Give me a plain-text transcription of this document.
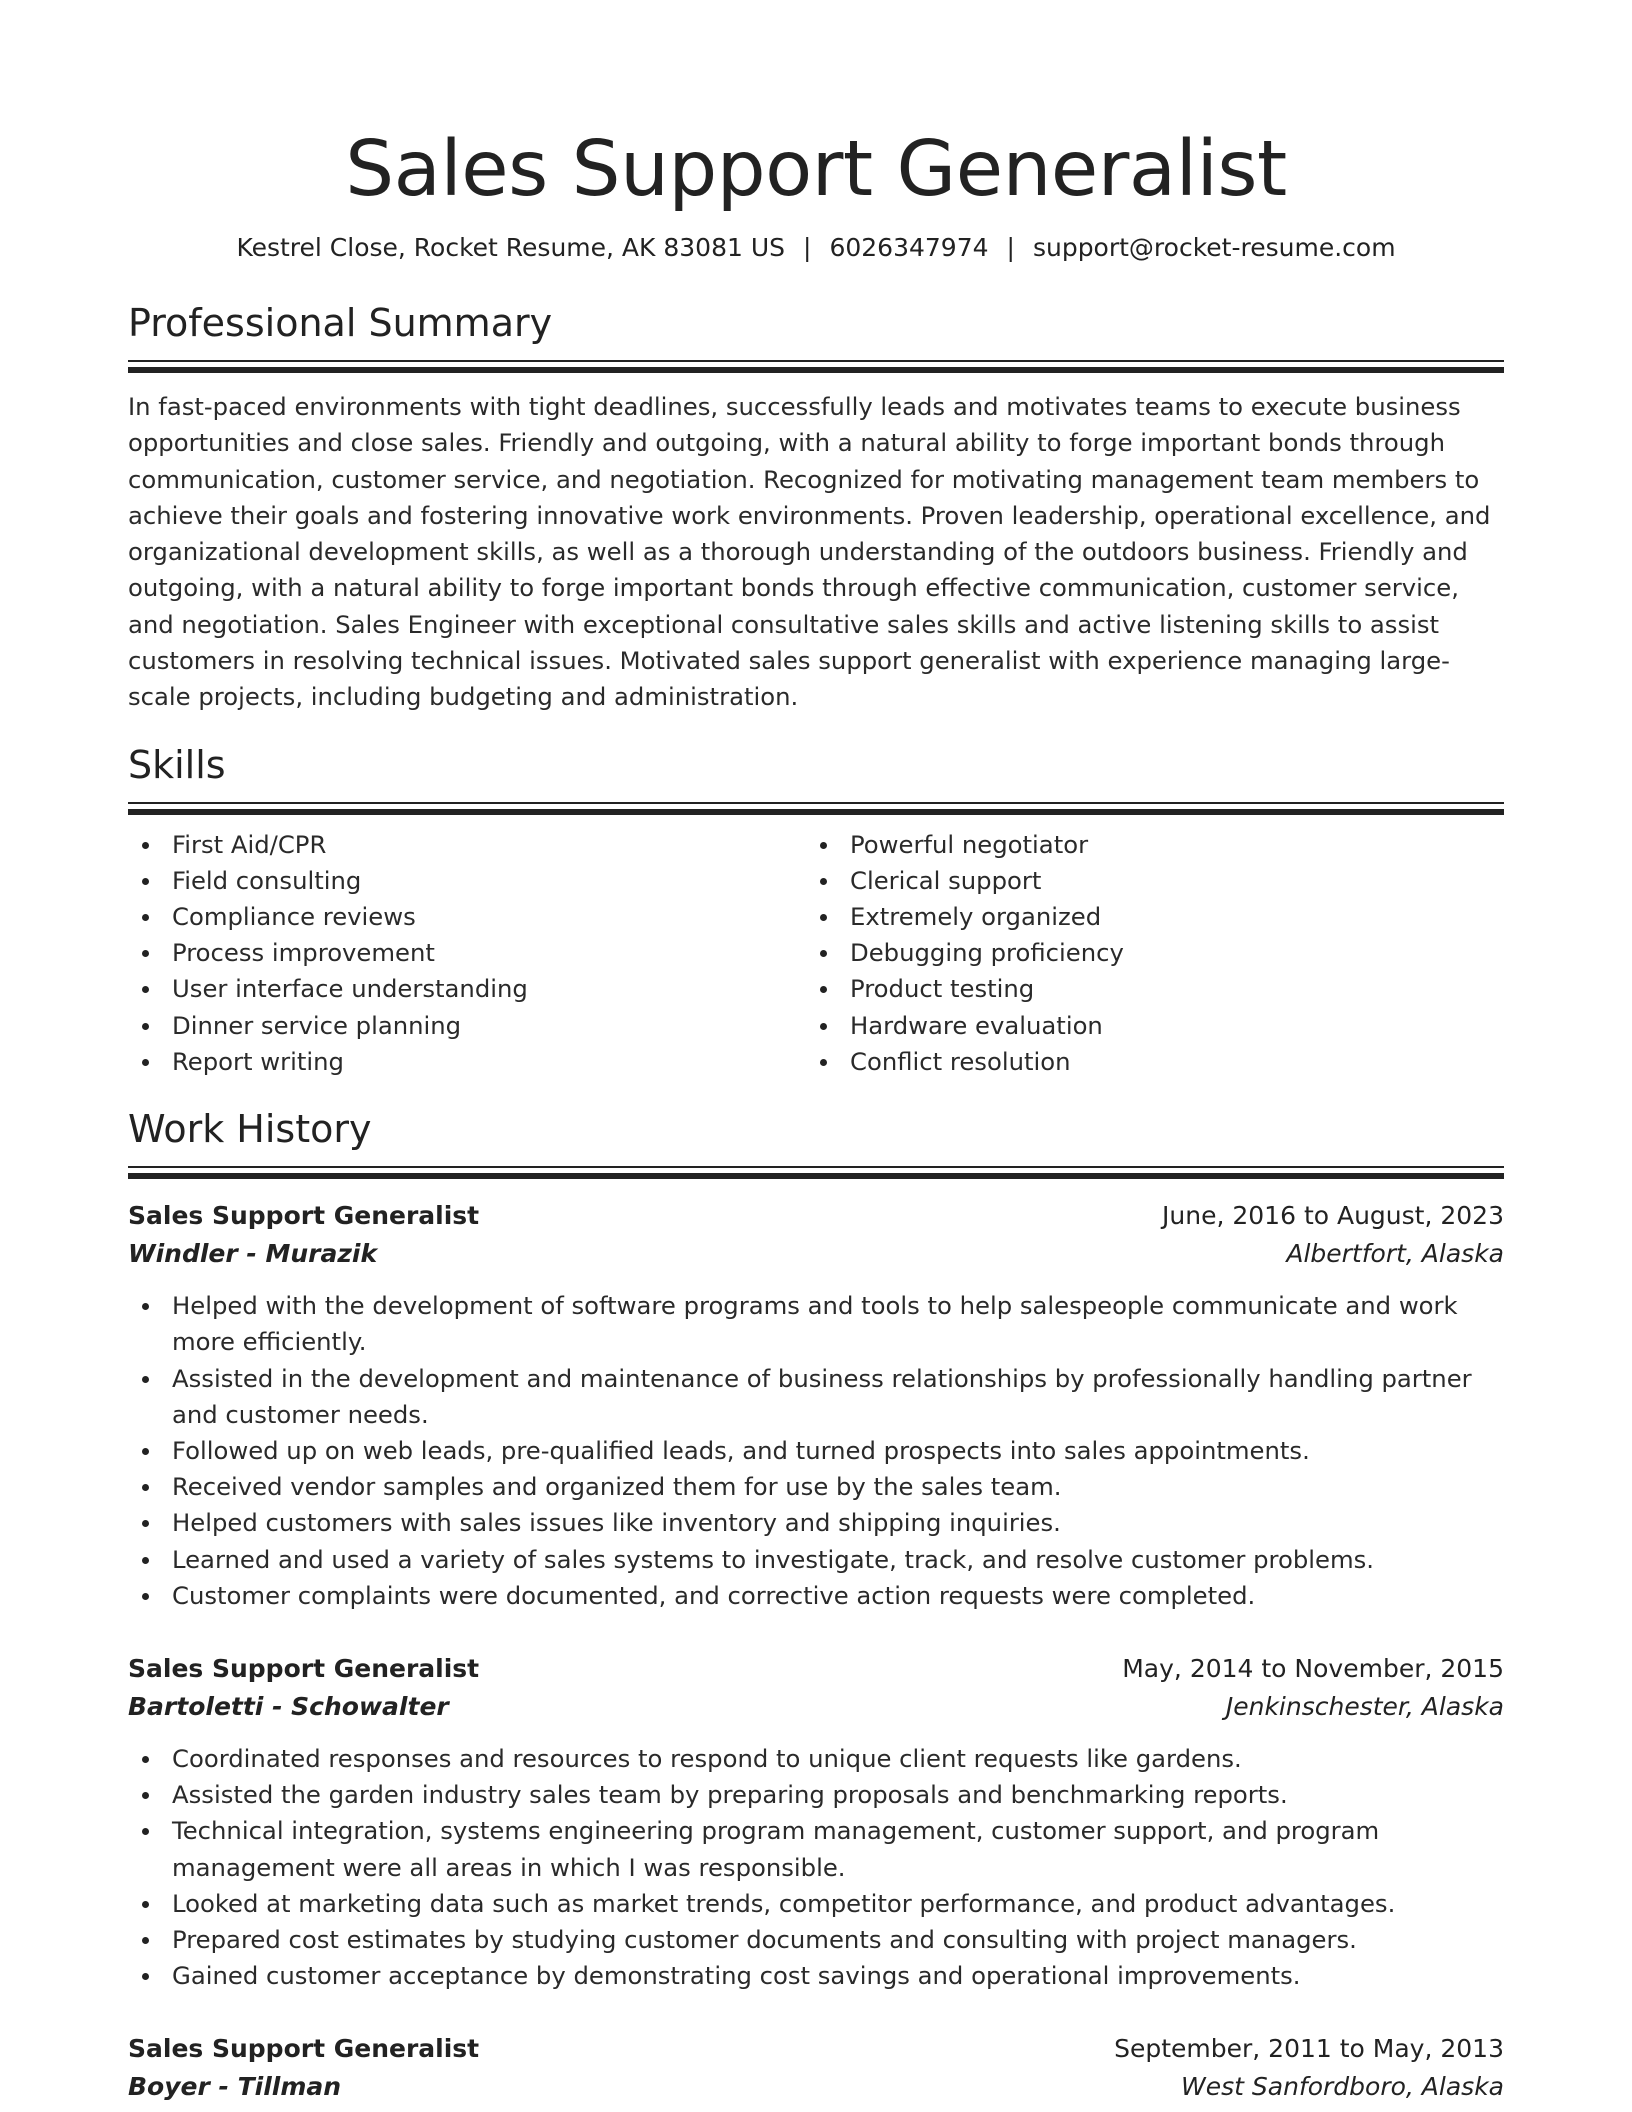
Sales Support Generalist
Kestrel Close, Rocket Resume, AK 83081 US | 6026347974 | support@rocket-resume.com
Professional Summary

In fast-paced environments with tight deadlines, successfully leads and motivates teams to execute business opportunities and close sales. Friendly and outgoing, with a natural ability to forge important bonds through communication, customer service, and negotiation. Recognized for motivating management team members to achieve their goals and fostering innovative work environments. Proven leadership, operational excellence, and organizational development skills, as well as a thorough understanding of the outdoors business. Friendly and outgoing, with a natural ability to forge important bonds through effective communication, customer service, and negotiation. Sales Engineer with exceptional consultative sales skills and active listening skills to assist customers in resolving technical issues. Motivated sales support generalist with experience managing large-scale projects, including budgeting and administration.

Skills
First Aid/CPR
Field consulting
Compliance reviews
Process improvement
User interface understanding
Dinner service planning
Report writing
Powerful negotiator
Clerical support
Extremely organized
Debugging proficiency
Product testing
Hardware evaluation
Conflict resolution
Work History
Sales Support Generalist	June, 2016 to August, 2023
Windler - Murazik	Albertfort, Alaska
Helped with the development of software programs and tools to help salespeople communicate and work more efficiently.
Assisted in the development and maintenance of business relationships by professionally handling partner and customer needs.
Followed up on web leads, pre-qualified leads, and turned prospects into sales appointments.
Received vendor samples and organized them for use by the sales team.
Helped customers with sales issues like inventory and shipping inquiries.
Learned and used a variety of sales systems to investigate, track, and resolve customer problems.
Customer complaints were documented, and corrective action requests were completed.
Sales Support Generalist	May, 2014 to November, 2015
Bartoletti - Schowalter	Jenkinschester, Alaska
Coordinated responses and resources to respond to unique client requests like gardens.
Assisted the garden industry sales team by preparing proposals and benchmarking reports.
Technical integration, systems engineering program management, customer support, and program management were all areas in which I was responsible.
Looked at marketing data such as market trends, competitor performance, and product advantages.
Prepared cost estimates by studying customer documents and consulting with project managers.
Gained customer acceptance by demonstrating cost savings and operational improvements.
Sales Support Generalist	September, 2011 to May, 2013
Boyer - Tillman	West Sanfordboro, Alaska
